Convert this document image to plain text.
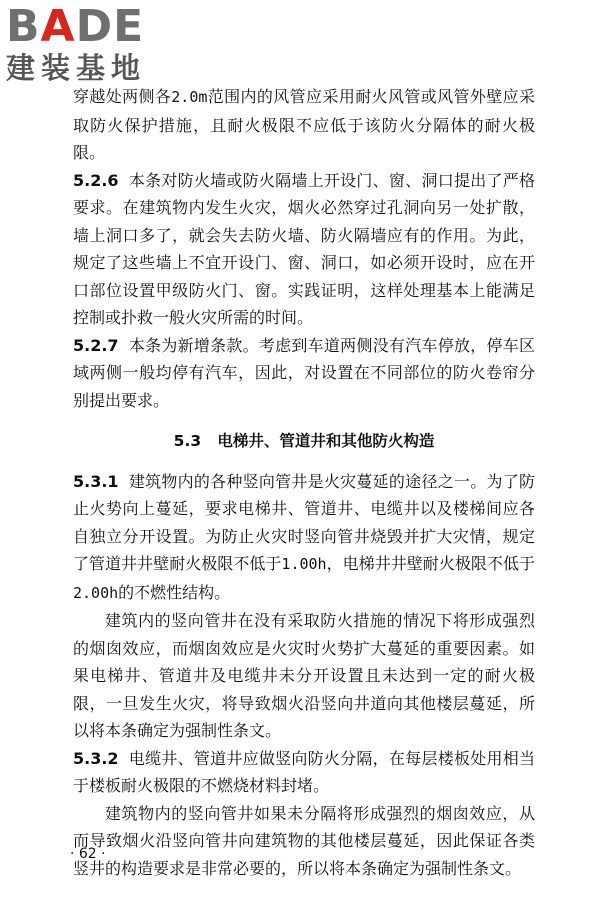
BADE
建装基地

穿越处两侧各2.0m范围内的风管应采用耐火风管或风管外壁应采取防火保护措施，且耐火极限不应低于该防火分隔体的耐火极限。

5.2.6 本条对防火墙或防火隔墙上开设门、窗、洞口提出了严格要求。在建筑物内发生火灾，烟火必然穿过孔洞向另一处扩散，墙上洞口多了，就会失去防火墙、防火隔墙应有的作用。为此，规定了这些墙上不宜开设门、窗、洞口，如必须开设时，应在开口部位设置甲级防火门、窗。实践证明，这样处理基本上能满足控制或扑救一般火灾所需的时间。

5.2.7 本条为新增条款。考虑到车道两侧没有汽车停放，停车区域两侧一般均停有汽车，因此，对设置在不同部位的防火卷帘分别提出要求。

5.3 电梯井、管道井和其他防火构造

5.3.1 建筑物内的各种竖向管井是火灾蔓延的途径之一。为了防止火势向上蔓延，要求电梯井、管道井、电缆井以及楼梯间应各自独立分开设置。为防止火灾时竖向管井烧毁并扩大灾情，规定了管道井井壁耐火极限不低于1.00h，电梯井井壁耐火极限不低于2.00h的不燃性结构。

建筑内的竖向管井在没有采取防火措施的情况下将形成强烈的烟囱效应，而烟囱效应是火灾时火势扩大蔓延的重要因素。如果电梯井、管道井及电缆井未分开设置且未达到一定的耐火极限，一旦发生火灾，将导致烟火沿竖向井道向其他楼层蔓延，所以将本条确定为强制性条文。

5.3.2 电缆井、管道井应做竖向防火分隔，在每层楼板处用相当于楼板耐火极限的不燃烧材料封堵。

建筑物内的竖向管井如果未分隔将形成强烈的烟囱效应，从而导致烟火沿竖向管井向建筑物的其他楼层蔓延，因此保证各类竖井的构造要求是非常必要的，所以将本条确定为强制性条文。

· 62 ·
